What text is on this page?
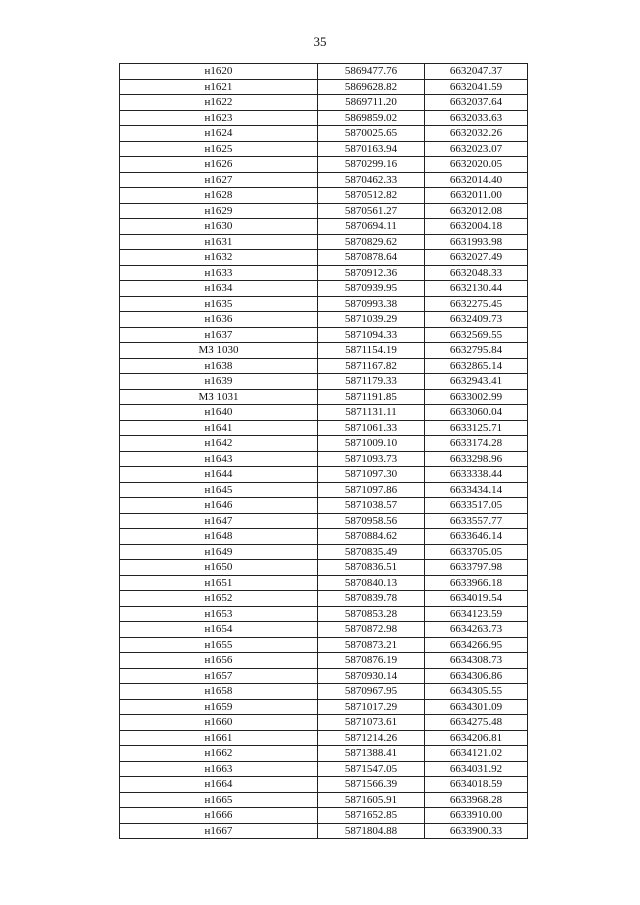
35
н1620	5869477.76	6632047.37
н1621	5869628.82	6632041.59
н1622	5869711.20	6632037.64
н1623	5869859.02	6632033.63
н1624	5870025.65	6632032.26
н1625	5870163.94	6632023.07
н1626	5870299.16	6632020.05
н1627	5870462.33	6632014.40
н1628	5870512.82	6632011.00
н1629	5870561.27	6632012.08
н1630	5870694.11	6632004.18
н1631	5870829.62	6631993.98
н1632	5870878.64	6632027.49
н1633	5870912.36	6632048.33
н1634	5870939.95	6632130.44
н1635	5870993.38	6632275.45
н1636	5871039.29	6632409.73
н1637	5871094.33	6632569.55
МЗ 1030	5871154.19	6632795.84
н1638	5871167.82	6632865.14
н1639	5871179.33	6632943.41
МЗ 1031	5871191.85	6633002.99
н1640	5871131.11	6633060.04
н1641	5871061.33	6633125.71
н1642	5871009.10	6633174.28
н1643	5871093.73	6633298.96
н1644	5871097.30	6633338.44
н1645	5871097.86	6633434.14
н1646	5871038.57	6633517.05
н1647	5870958.56	6633557.77
н1648	5870884.62	6633646.14
н1649	5870835.49	6633705.05
н1650	5870836.51	6633797.98
н1651	5870840.13	6633966.18
н1652	5870839.78	6634019.54
н1653	5870853.28	6634123.59
н1654	5870872.98	6634263.73
н1655	5870873.21	6634266.95
н1656	5870876.19	6634308.73
н1657	5870930.14	6634306.86
н1658	5870967.95	6634305.55
н1659	5871017.29	6634301.09
н1660	5871073.61	6634275.48
н1661	5871214.26	6634206.81
н1662	5871388.41	6634121.02
н1663	5871547.05	6634031.92
н1664	5871566.39	6634018.59
н1665	5871605.91	6633968.28
н1666	5871652.85	6633910.00
н1667	5871804.88	6633900.33
